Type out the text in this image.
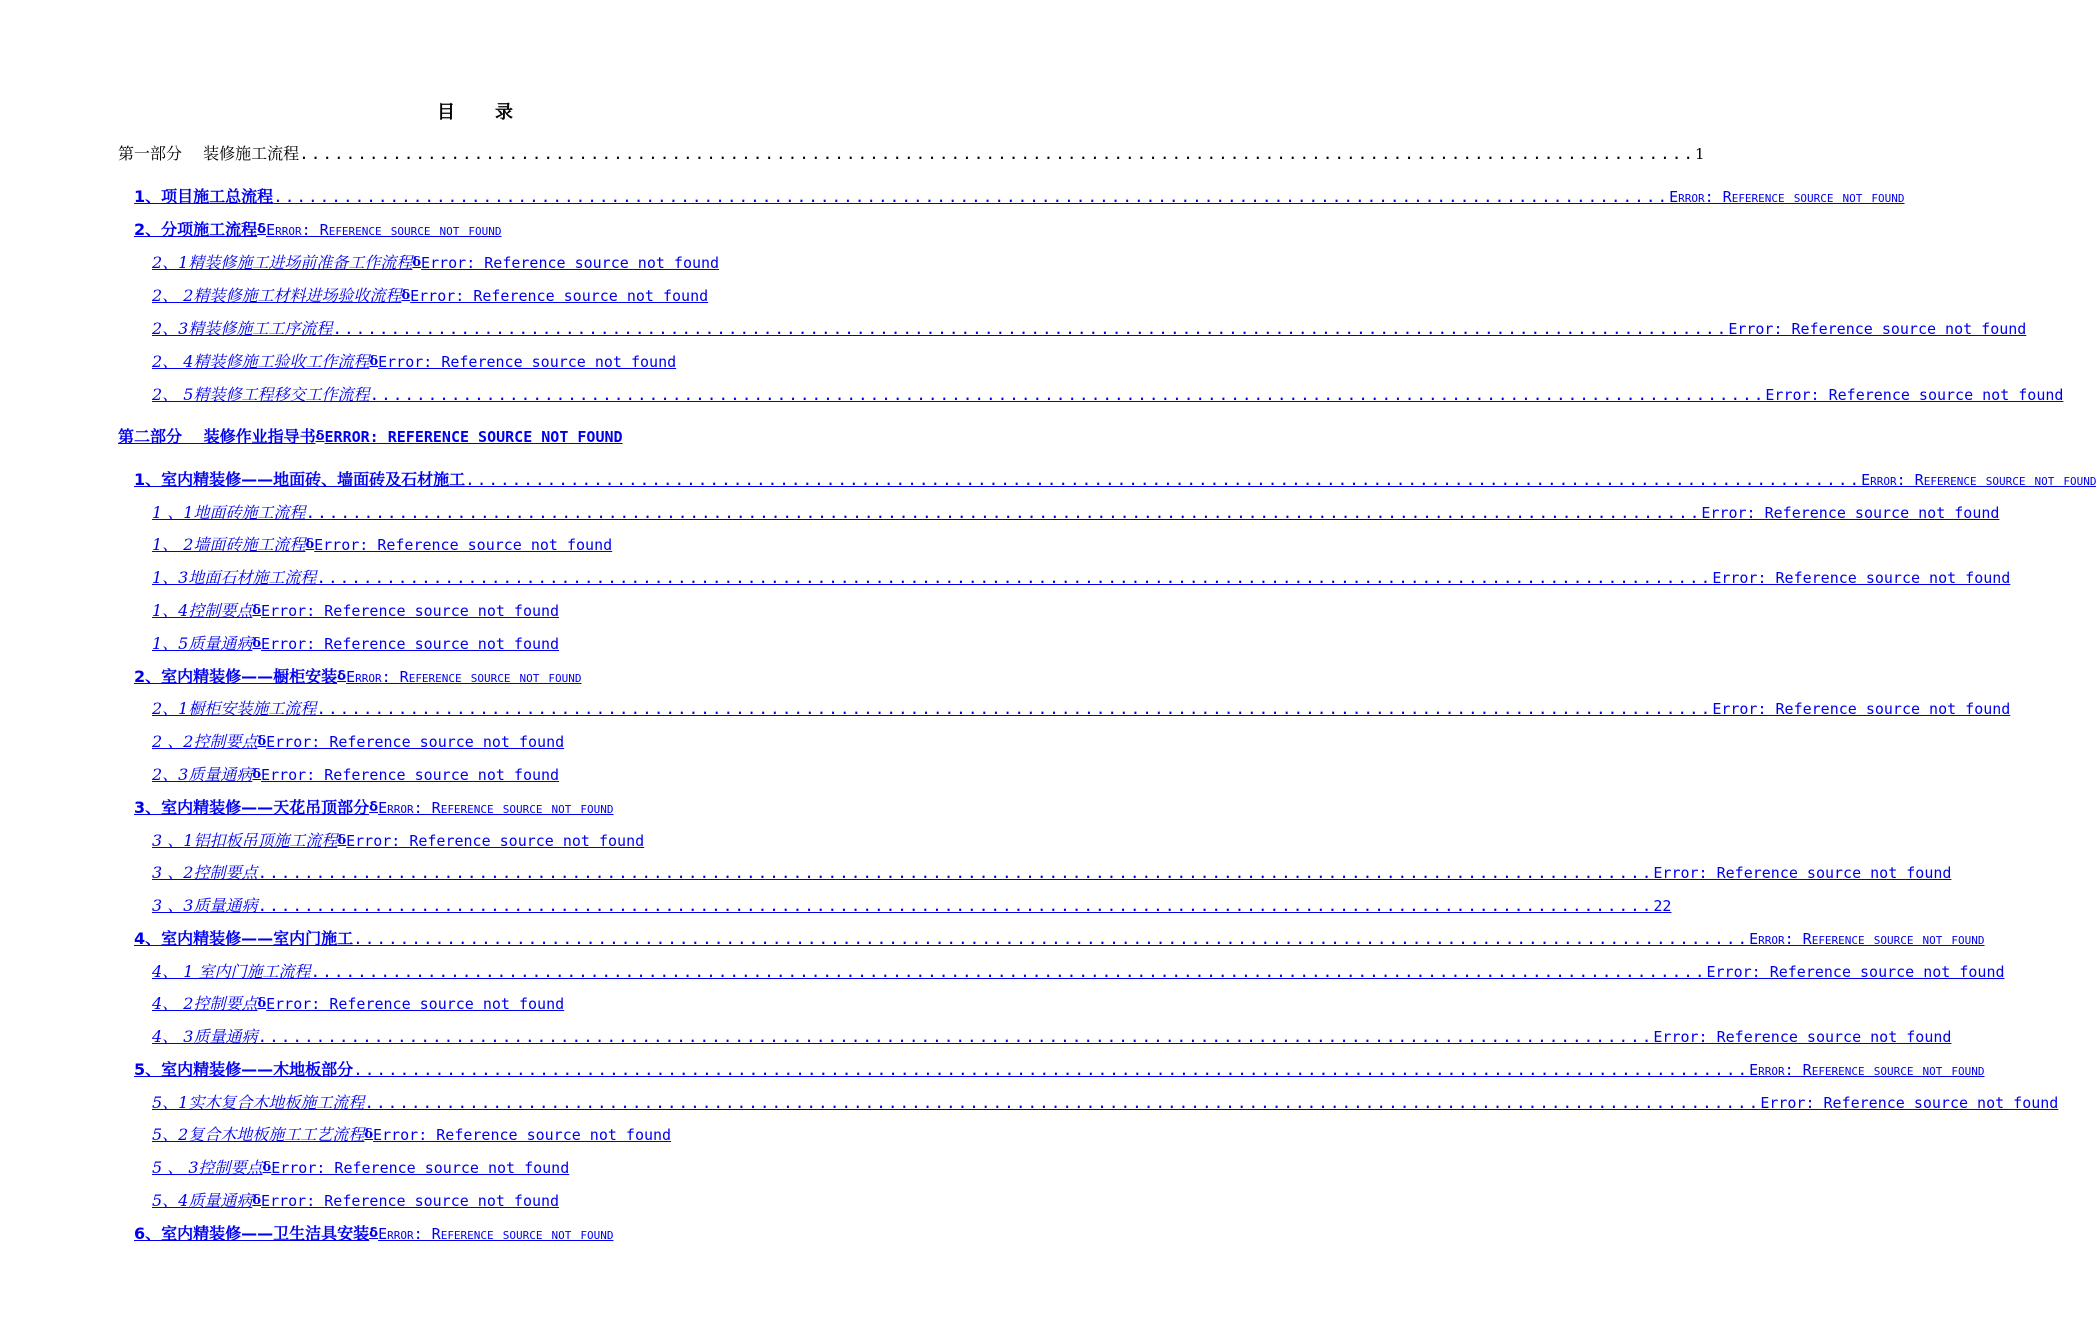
目录
第一部分　 装修施工流程 ........................................................................................................................ 1
1、项目施工总流程 ........................................................................................................................ Error: Reference source not found
2、分项施工流程 δ Error: Reference source not found
2、1精装修施工进场前准备工作流程 δ Error: Reference source not found
2、 2精装修施工材料进场验收流程 δ Error: Reference source not found
2、3精装修施工工序流程 ........................................................................................................................ Error: Reference source not found
2、 4精装修施工验收工作流程 δ Error: Reference source not found
2、 5精装修工程移交工作流程 ........................................................................................................................ Error: Reference source not found
第二部分　 装修作业指导书 δ ERROR: REFERENCE SOURCE NOT FOUND
1、室内精装修——地面砖、墙面砖及石材施工 ........................................................................................................................ Error: Reference source not found
1 、1地面砖施工流程 ........................................................................................................................ Error: Reference source not found
1、 2墙面砖施工流程 δ Error: Reference source not found
1、3地面石材施工流程 ........................................................................................................................ Error: Reference source not found
1、4控制要点 δ Error: Reference source not found
1、5质量通病 δ Error: Reference source not found
2、室内精装修——橱柜安装 δ Error: Reference source not found
2、1橱柜安装施工流程 ........................................................................................................................ Error: Reference source not found
2 、2控制要点 δ Error: Reference source not found
2、3质量通病 δ Error: Reference source not found
3、室内精装修——天花吊顶部分 δ Error: Reference source not found
3 、1铝扣板吊顶施工流程 δ Error: Reference source not found
3 、2控制要点 ........................................................................................................................ Error: Reference source not found
3 、3质量通病 ........................................................................................................................ 22
4、室内精装修——室内门施工 ........................................................................................................................ Error: Reference source not found
4、 1 室内门施工流程 ........................................................................................................................ Error: Reference source not found
4、 2控制要点 δ Error: Reference source not found
4、 3质量通病 ........................................................................................................................ Error: Reference source not found
5、室内精装修——木地板部分 ........................................................................................................................ Error: Reference source not found
5、1实木复合木地板施工流程 ........................................................................................................................ Error: Reference source not found
5、2复合木地板施工工艺流程 δ Error: Reference source not found
5 、 3控制要点 δ Error: Reference source not found
5、4质量通病 δ Error: Reference source not found
6、室内精装修——卫生洁具安装 δ Error: Reference source not found
